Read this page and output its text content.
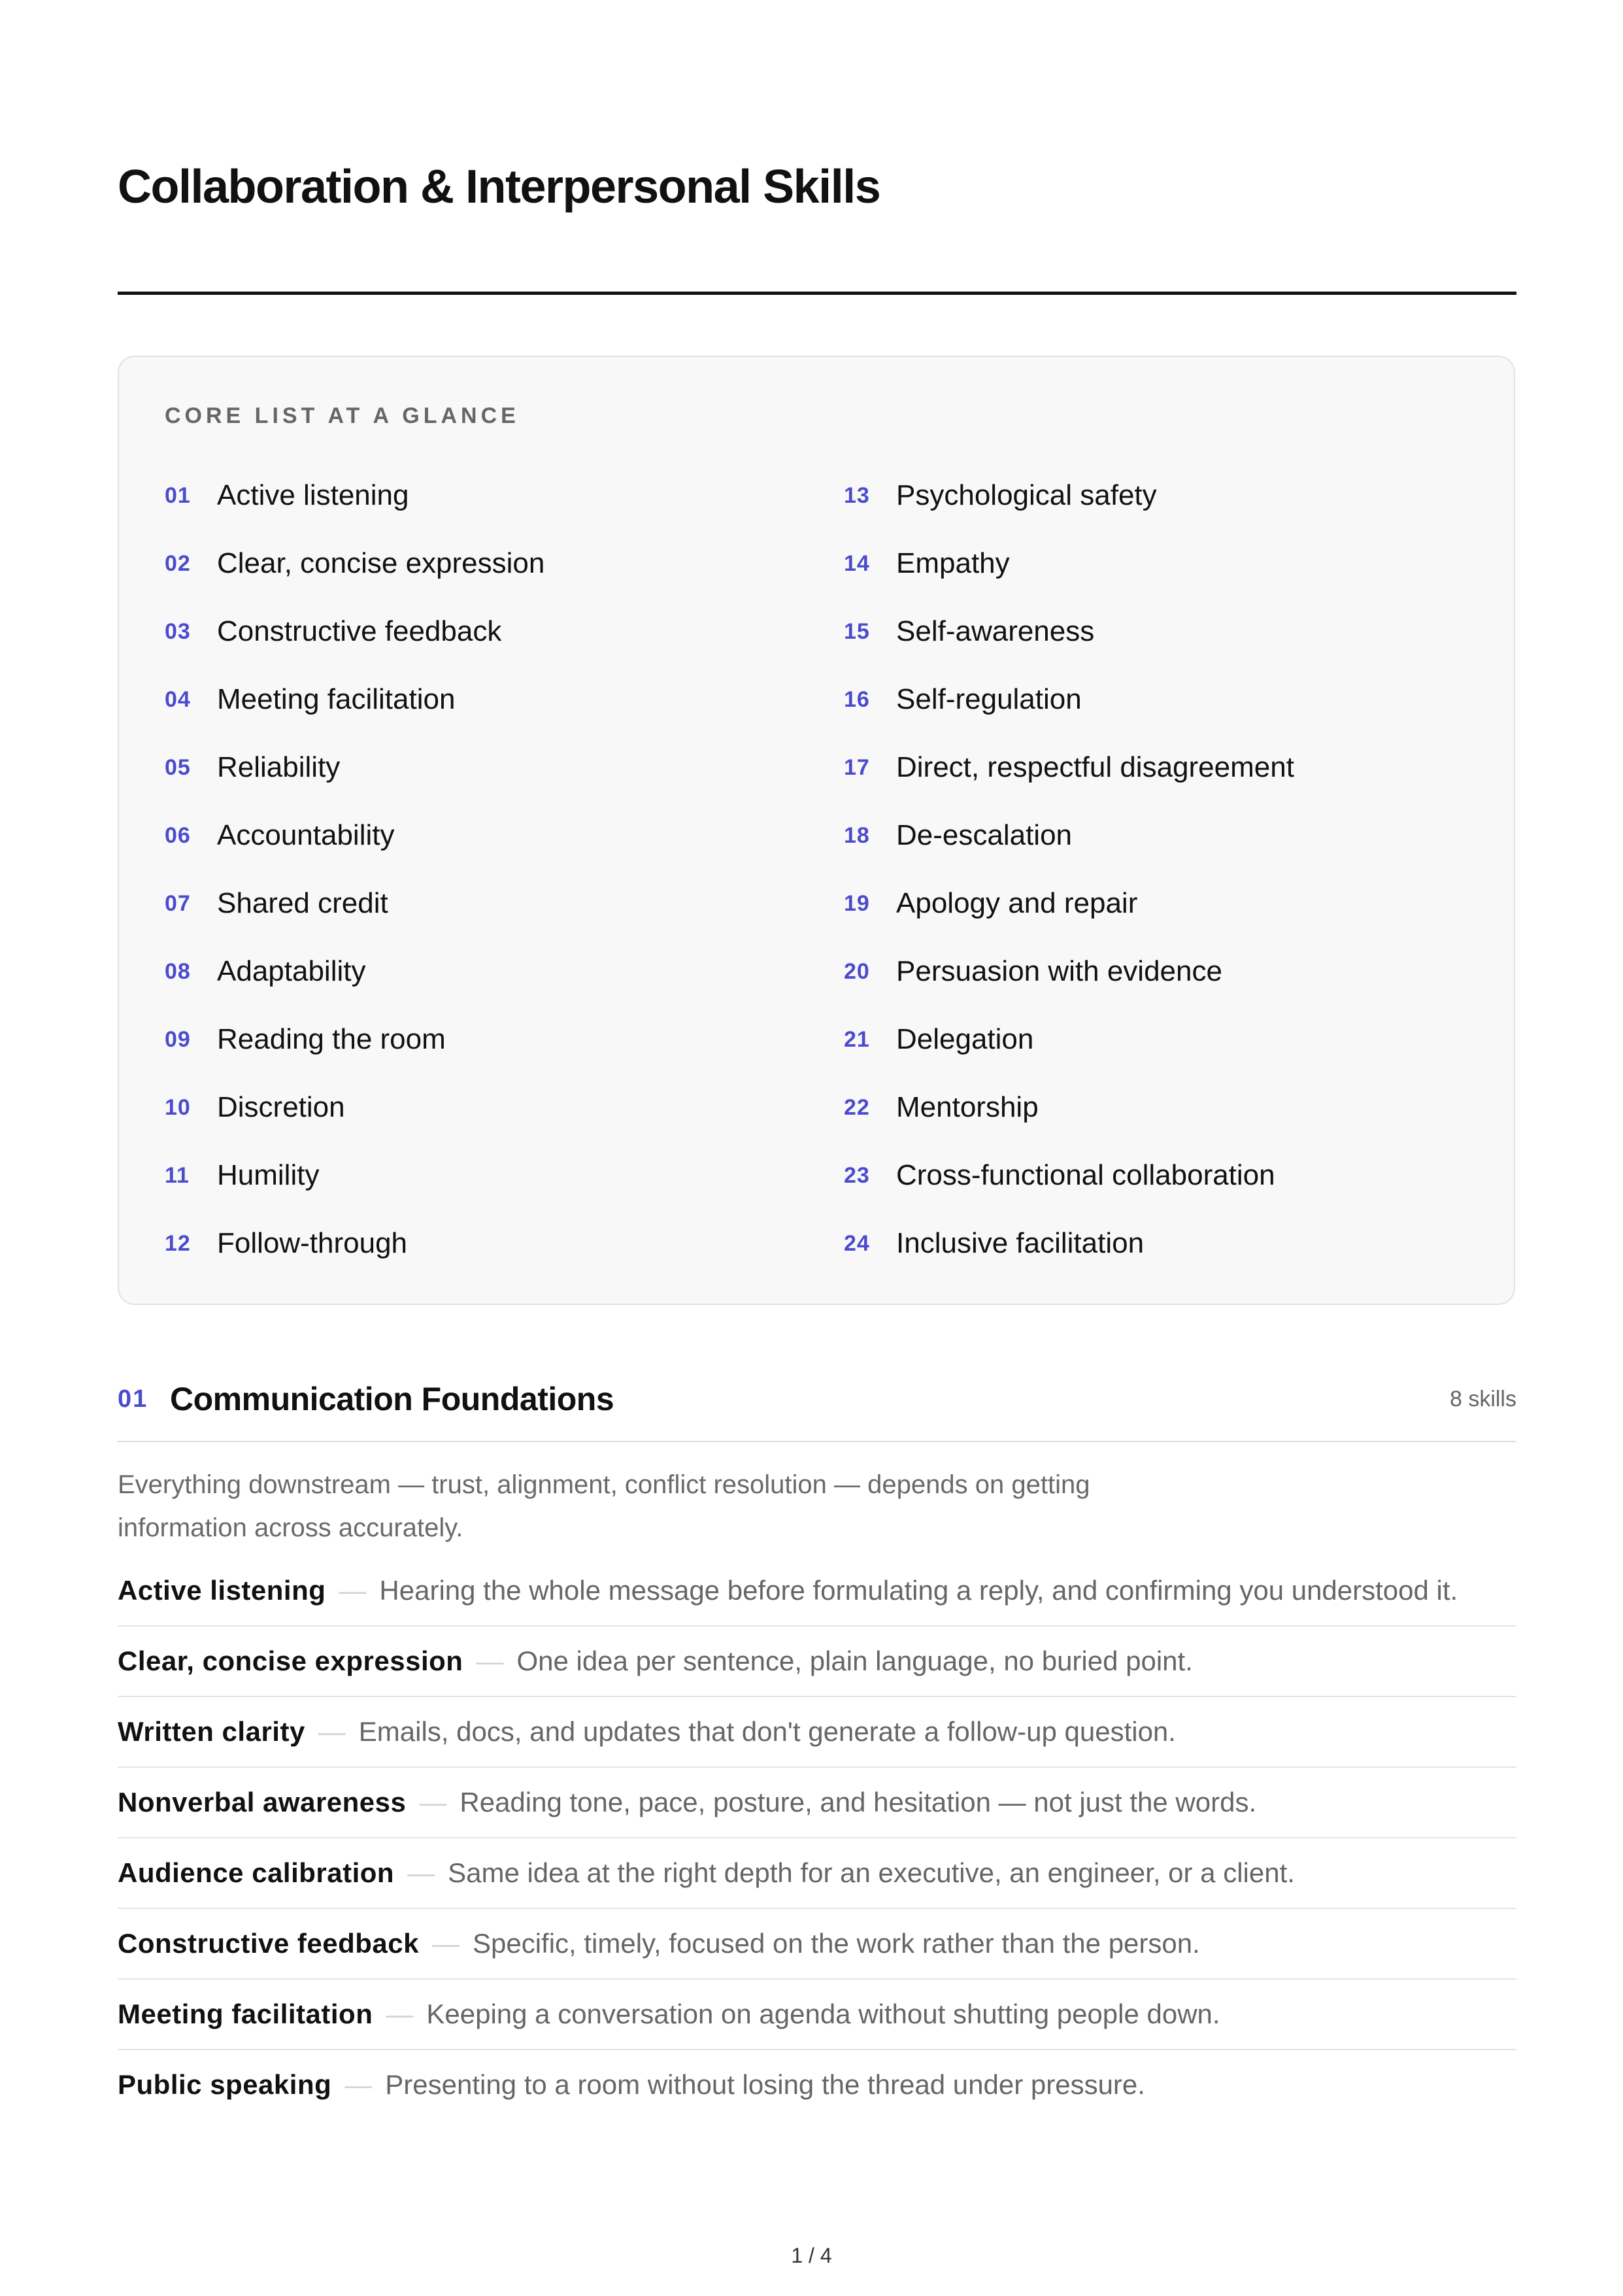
Collaboration & Interpersonal Skills
CORE LIST AT A GLANCE
01 Active listening
02 Clear, concise expression
03 Constructive feedback
04 Meeting facilitation
05 Reliability
06 Accountability
07 Shared credit
08 Adaptability
09 Reading the room
10 Discretion
11 Humility
12 Follow-through
13 Psychological safety
14 Empathy
15 Self-awareness
16 Self-regulation
17 Direct, respectful disagreement
18 De-escalation
19 Apology and repair
20 Persuasion with evidence
21 Delegation
22 Mentorship
23 Cross-functional collaboration
24 Inclusive facilitation
01 Communication Foundations	8 skills

Everything downstream — trust, alignment, conflict resolution — depends on getting information across accurately.

Active listening — Hearing the whole message before formulating a reply, and confirming you understood it.
Clear, concise expression — One idea per sentence, plain language, no buried point.
Written clarity — Emails, docs, and updates that don't generate a follow-up question.
Nonverbal awareness — Reading tone, pace, posture, and hesitation — not just the words.
Audience calibration — Same idea at the right depth for an executive, an engineer, or a client.
Constructive feedback — Specific, timely, focused on the work rather than the person.
Meeting facilitation — Keeping a conversation on agenda without shutting people down.
Public speaking — Presenting to a room without losing the thread under pressure.
1 / 4
